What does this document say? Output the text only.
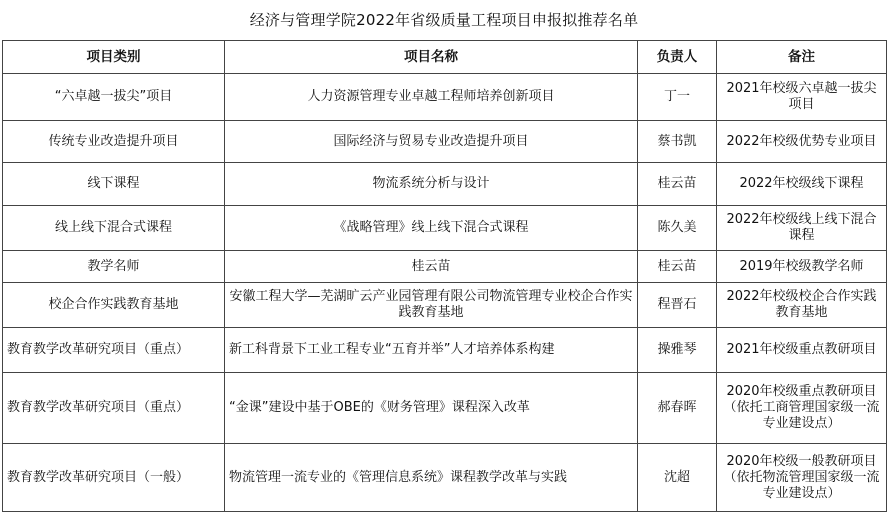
经济与管理学院2022年省级质量工程项目申报拟推荐名单
项目类别	项目名称	负责人	备注
“六卓越一拔尖”项目	人力资源管理专业卓越工程师培养创新项目	丁一	2021年校级六卓越一拔尖项目
传统专业改造提升项目	国际经济与贸易专业改造提升项目	蔡书凯	2022年校级优势专业项目
线下课程	物流系统分析与设计	桂云苗	2022年校级线下课程
线上线下混合式课程	《战略管理》线上线下混合式课程	陈久美	2022年校级线上线下混合课程
教学名师	桂云苗	桂云苗	2019年校级教学名师
校企合作实践教育基地	安徽工程大学—芜湖旷云产业园管理有限公司物流管理专业校企合作实践教育基地	程晋石	2022年校级校企合作实践教育基地
教育教学改革研究项目（重点）	新工科背景下工业工程专业“五育并举”人才培养体系构建	操雅琴	2021年校级重点教研项目
教育教学改革研究项目（重点）	“金课”建设中基于OBE的《财务管理》课程深入改革	郝春晖	2020年校级重点教研项目（依托工商管理国家级一流专业建设点）
教育教学改革研究项目（一般）	物流管理一流专业的《管理信息系统》课程教学改革与实践	沈超	2020年校级一般教研项目（依托物流管理国家级一流专业建设点）
